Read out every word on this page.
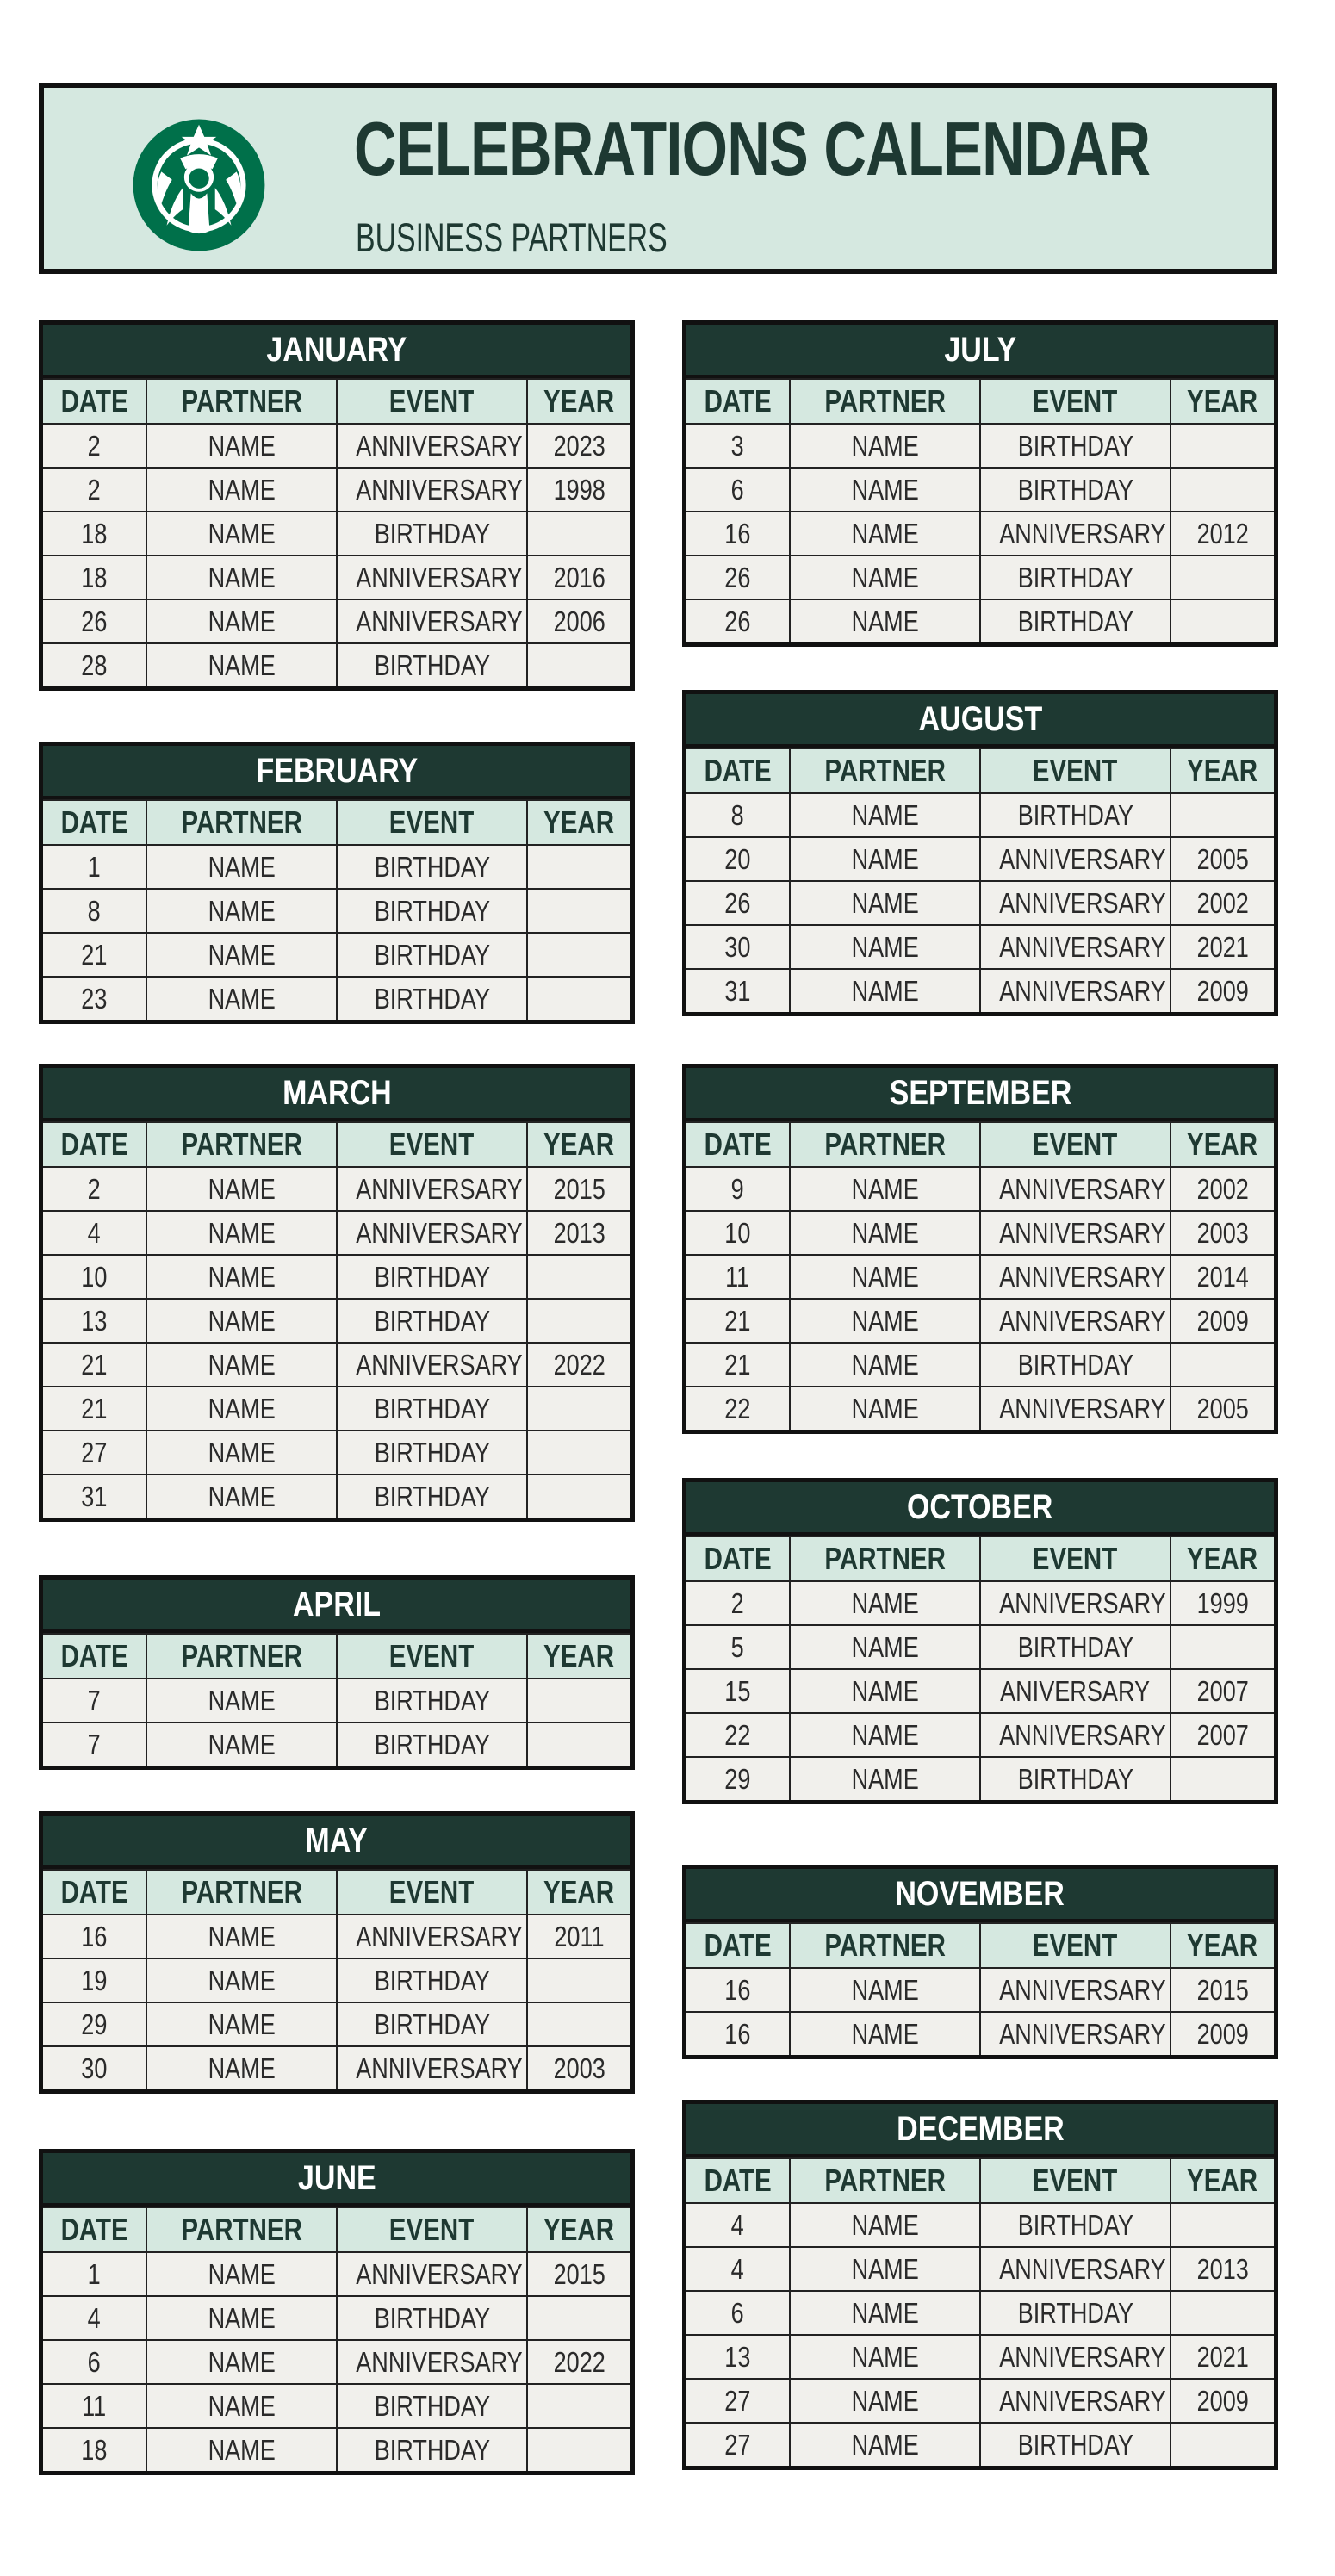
CELEBRATIONS CALENDAR
BUSINESS PARTNERS
JANUARY
DATE	PARTNER	EVENT	YEAR
2	NAME	ANNIVERSARY	2023
2	NAME	ANNIVERSARY	1998
18	NAME	BIRTHDAY	
18	NAME	ANNIVERSARY	2016
26	NAME	ANNIVERSARY	2006
28	NAME	BIRTHDAY	
FEBRUARY
DATE	PARTNER	EVENT	YEAR
1	NAME	BIRTHDAY	
8	NAME	BIRTHDAY	
21	NAME	BIRTHDAY	
23	NAME	BIRTHDAY	
MARCH
DATE	PARTNER	EVENT	YEAR
2	NAME	ANNIVERSARY	2015
4	NAME	ANNIVERSARY	2013
10	NAME	BIRTHDAY	
13	NAME	BIRTHDAY	
21	NAME	ANNIVERSARY	2022
21	NAME	BIRTHDAY	
27	NAME	BIRTHDAY	
31	NAME	BIRTHDAY	
APRIL
DATE	PARTNER	EVENT	YEAR
7	NAME	BIRTHDAY	
7	NAME	BIRTHDAY	
MAY
DATE	PARTNER	EVENT	YEAR
16	NAME	ANNIVERSARY	2011
19	NAME	BIRTHDAY	
29	NAME	BIRTHDAY	
30	NAME	ANNIVERSARY	2003
JUNE
DATE	PARTNER	EVENT	YEAR
1	NAME	ANNIVERSARY	2015
4	NAME	BIRTHDAY	
6	NAME	ANNIVERSARY	2022
11	NAME	BIRTHDAY	
18	NAME	BIRTHDAY	
JULY
DATE	PARTNER	EVENT	YEAR
3	NAME	BIRTHDAY	
6	NAME	BIRTHDAY	
16	NAME	ANNIVERSARY	2012
26	NAME	BIRTHDAY	
26	NAME	BIRTHDAY	
AUGUST
DATE	PARTNER	EVENT	YEAR
8	NAME	BIRTHDAY	
20	NAME	ANNIVERSARY	2005
26	NAME	ANNIVERSARY	2002
30	NAME	ANNIVERSARY	2021
31	NAME	ANNIVERSARY	2009
SEPTEMBER
DATE	PARTNER	EVENT	YEAR
9	NAME	ANNIVERSARY	2002
10	NAME	ANNIVERSARY	2003
11	NAME	ANNIVERSARY	2014
21	NAME	ANNIVERSARY	2009
21	NAME	BIRTHDAY	
22	NAME	ANNIVERSARY	2005
OCTOBER
DATE	PARTNER	EVENT	YEAR
2	NAME	ANNIVERSARY	1999
5	NAME	BIRTHDAY	
15	NAME	ANIVERSARY	2007
22	NAME	ANNIVERSARY	2007
29	NAME	BIRTHDAY	
NOVEMBER
DATE	PARTNER	EVENT	YEAR
16	NAME	ANNIVERSARY	2015
16	NAME	ANNIVERSARY	2009
DECEMBER
DATE	PARTNER	EVENT	YEAR
4	NAME	BIRTHDAY	
4	NAME	ANNIVERSARY	2013
6	NAME	BIRTHDAY	
13	NAME	ANNIVERSARY	2021
27	NAME	ANNIVERSARY	2009
27	NAME	BIRTHDAY	
